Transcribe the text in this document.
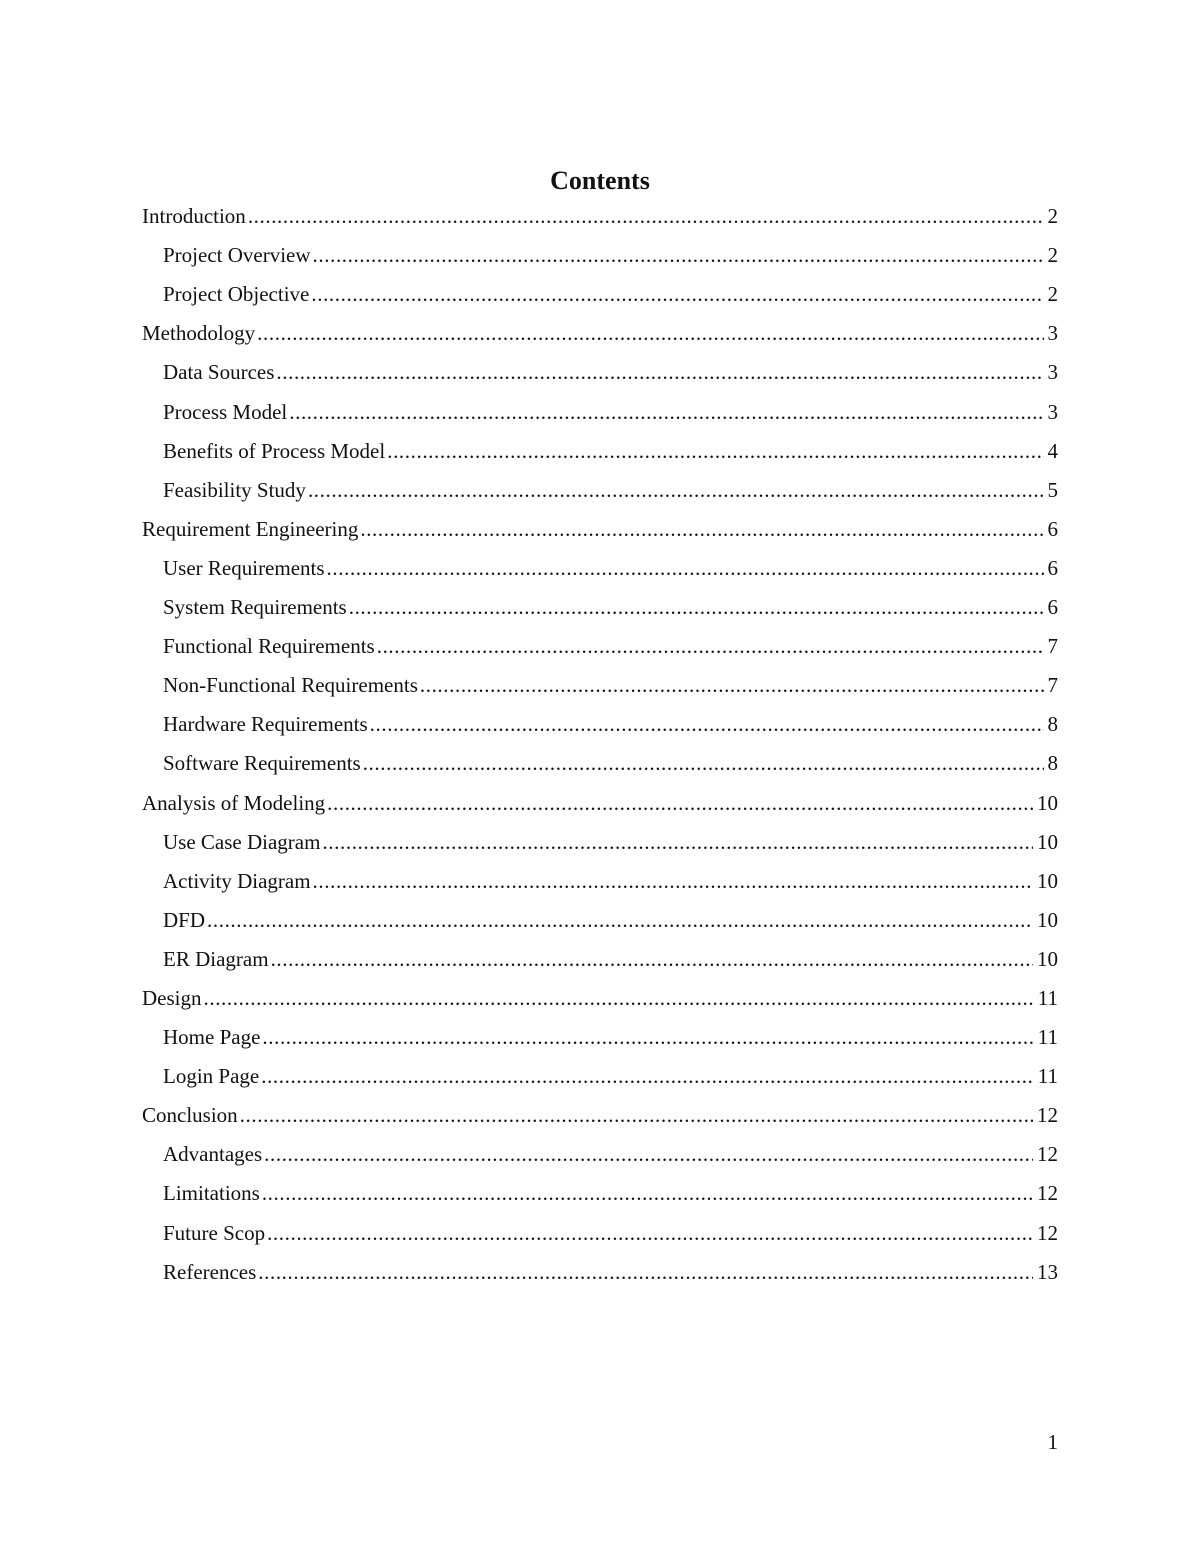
Contents
Introduction .....	2
Project Overview .....	2
Project Objective .....	2
Methodology .....	3
Data Sources .....	3
Process Model .....	3
Benefits of Process Model .....	4
Feasibility Study .....	5
Requirement Engineering .....	6
User Requirements .....	6
System Requirements .....	6
Functional Requirements .....	7
Non-Functional Requirements .....	7
Hardware Requirements .....	8
Software Requirements .....	8
Analysis of Modeling .....	10
Use Case Diagram .....	10
Activity Diagram .....	10
DFD .....	10
ER Diagram .....	10
Design .....	11
Home Page .....	11
Login Page .....	11
Conclusion .....	12
Advantages .....	12
Limitations .....	12
Future Scop .....	12
References .....	13
1
